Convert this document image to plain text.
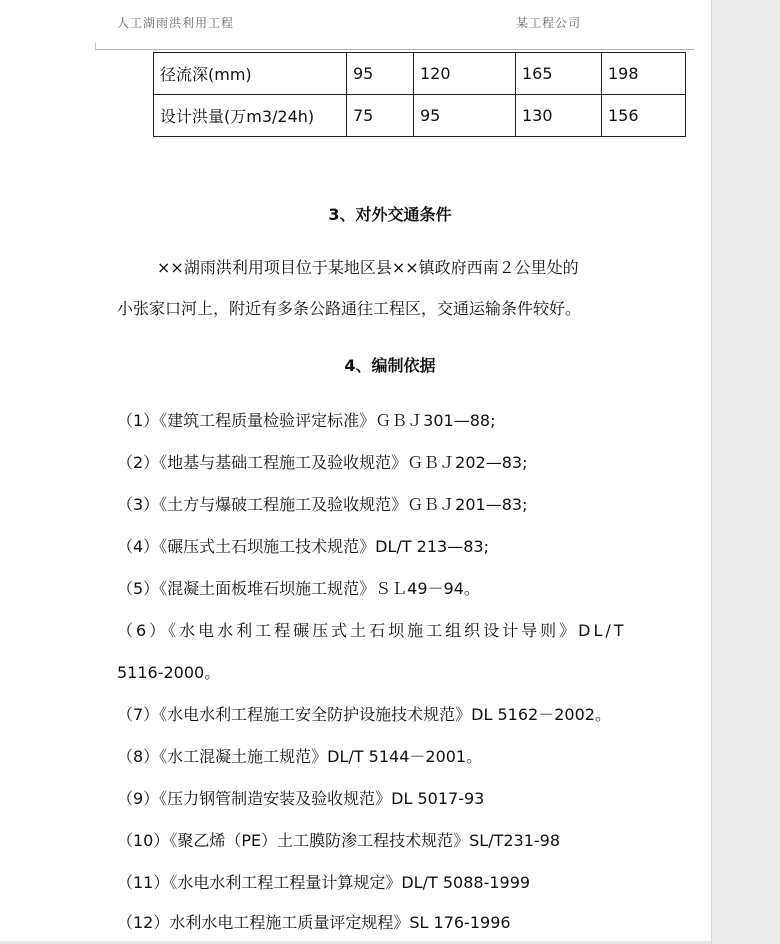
人工湖雨洪利用工程	某工程公司
径流深(mm)	95	120	165	198
设计洪量(万m3/24h)	75	95	130	156
3、对外交通条件
××湖雨洪利用项目位于某地区县××镇政府西南２公里处的
小张家口河上，附近有多条公路通往工程区，交通运输条件较好。
4、编制依据
（1）《建筑工程质量检验评定标准》ＧＢＪ301—88;
（2）《地基与基础工程施工及验收规范》ＧＢＪ202—83;
（3）《土方与爆破工程施工及验收规范》ＧＢＪ201—83;
（4）《碾压式土石坝施工技术规范》DL/T 213—83;
（5）《混凝土面板堆石坝施工规范》ＳＬ49－94。
（6）《水电水利工程碾压式土石坝施工组织设计导则》DL/T
5116-2000。
（7）《水电水利工程施工安全防护设施技术规范》DL 5162－2002。
（8）《水工混凝土施工规范》DL/T 5144－2001。
（9）《压力钢管制造安装及验收规范》DL 5017-93
（10）《聚乙烯（PE）土工膜防渗工程技术规范》SL/T231-98
（11）《水电水利工程工程量计算规定》DL/T 5088-1999
（12）水利水电工程施工质量评定规程》SL 176-1996
